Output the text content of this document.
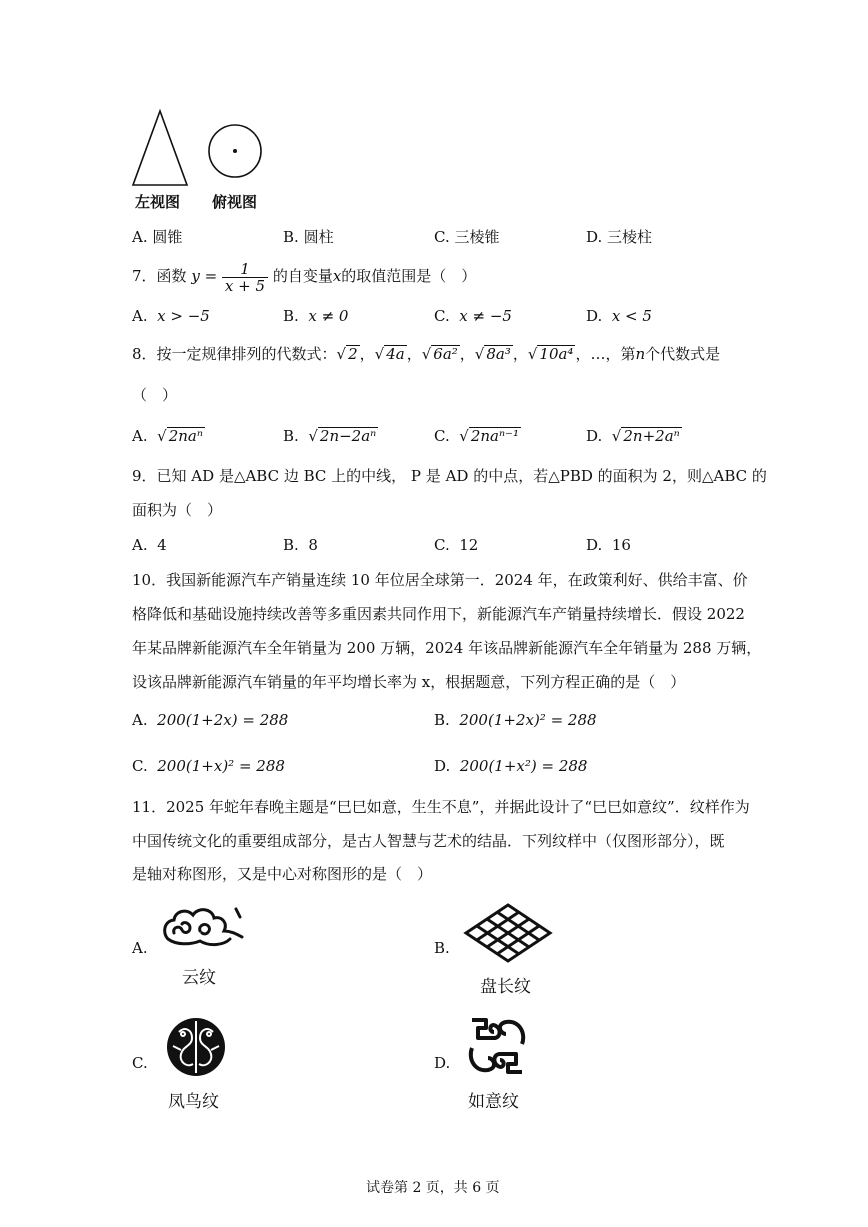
左视图 俯视图
A. 圆锥	B. 圆柱	C. 三棱锥	D. 三棱柱
7．函数 $y = \frac{1}{x + 5}$ 的自变量x的取值范围是（　）
A. x > −5	B. x ≠ 0	C. x ≠ −5	D. x < 5
8．按一定规律排列的代数式：√ 2 ，√ 4a ，√ 6a² ，√ 8a³ ，√ 10a⁴ ，…，第n个代数式是
（　）
A.  √ 2naⁿ	B.  √ 2n−2aⁿ	C.  √ 2naⁿ⁻¹	D.  √ 2n+2aⁿ
9．已知 AD 是△ABC 边 BC 上的中线， P 是 AD 的中点，若△PBD 的面积为 2，则△ABC 的
面积为（　）
A. 4	B. 8	C. 12	D. 16
10．我国新能源汽车产销量连续 10 年位居全球第一．2024 年，在政策利好、供给丰富、价
格降低和基础设施持续改善等多重因素共同作用下，新能源汽车产销量持续增长．假设 2022
年某品牌新能源汽车全年销量为 200 万辆，2024 年该品牌新能源汽车全年销量为 288 万辆，
设该品牌新能源汽车销量的年平均增长率为 x，根据题意，下列方程正确的是（　）
A. 200(1+2x) = 288	B. 200(1+2x)² = 288
C. 200(1+x)² = 288	D. 200(1+x²) = 288
11．2025 年蛇年春晚主题是“巳巳如意，生生不息”，并据此设计了“巳巳如意纹”．纹样作为
中国传统文化的重要组成部分，是古人智慧与艺术的结晶．下列纹样中（仅图形部分），既
是轴对称图形，又是中心对称图形的是（　）
A.
云纹
B.
盘长纹
C.
凤鸟纹
D.
如意纹
试卷第 2 页，共 6 页
